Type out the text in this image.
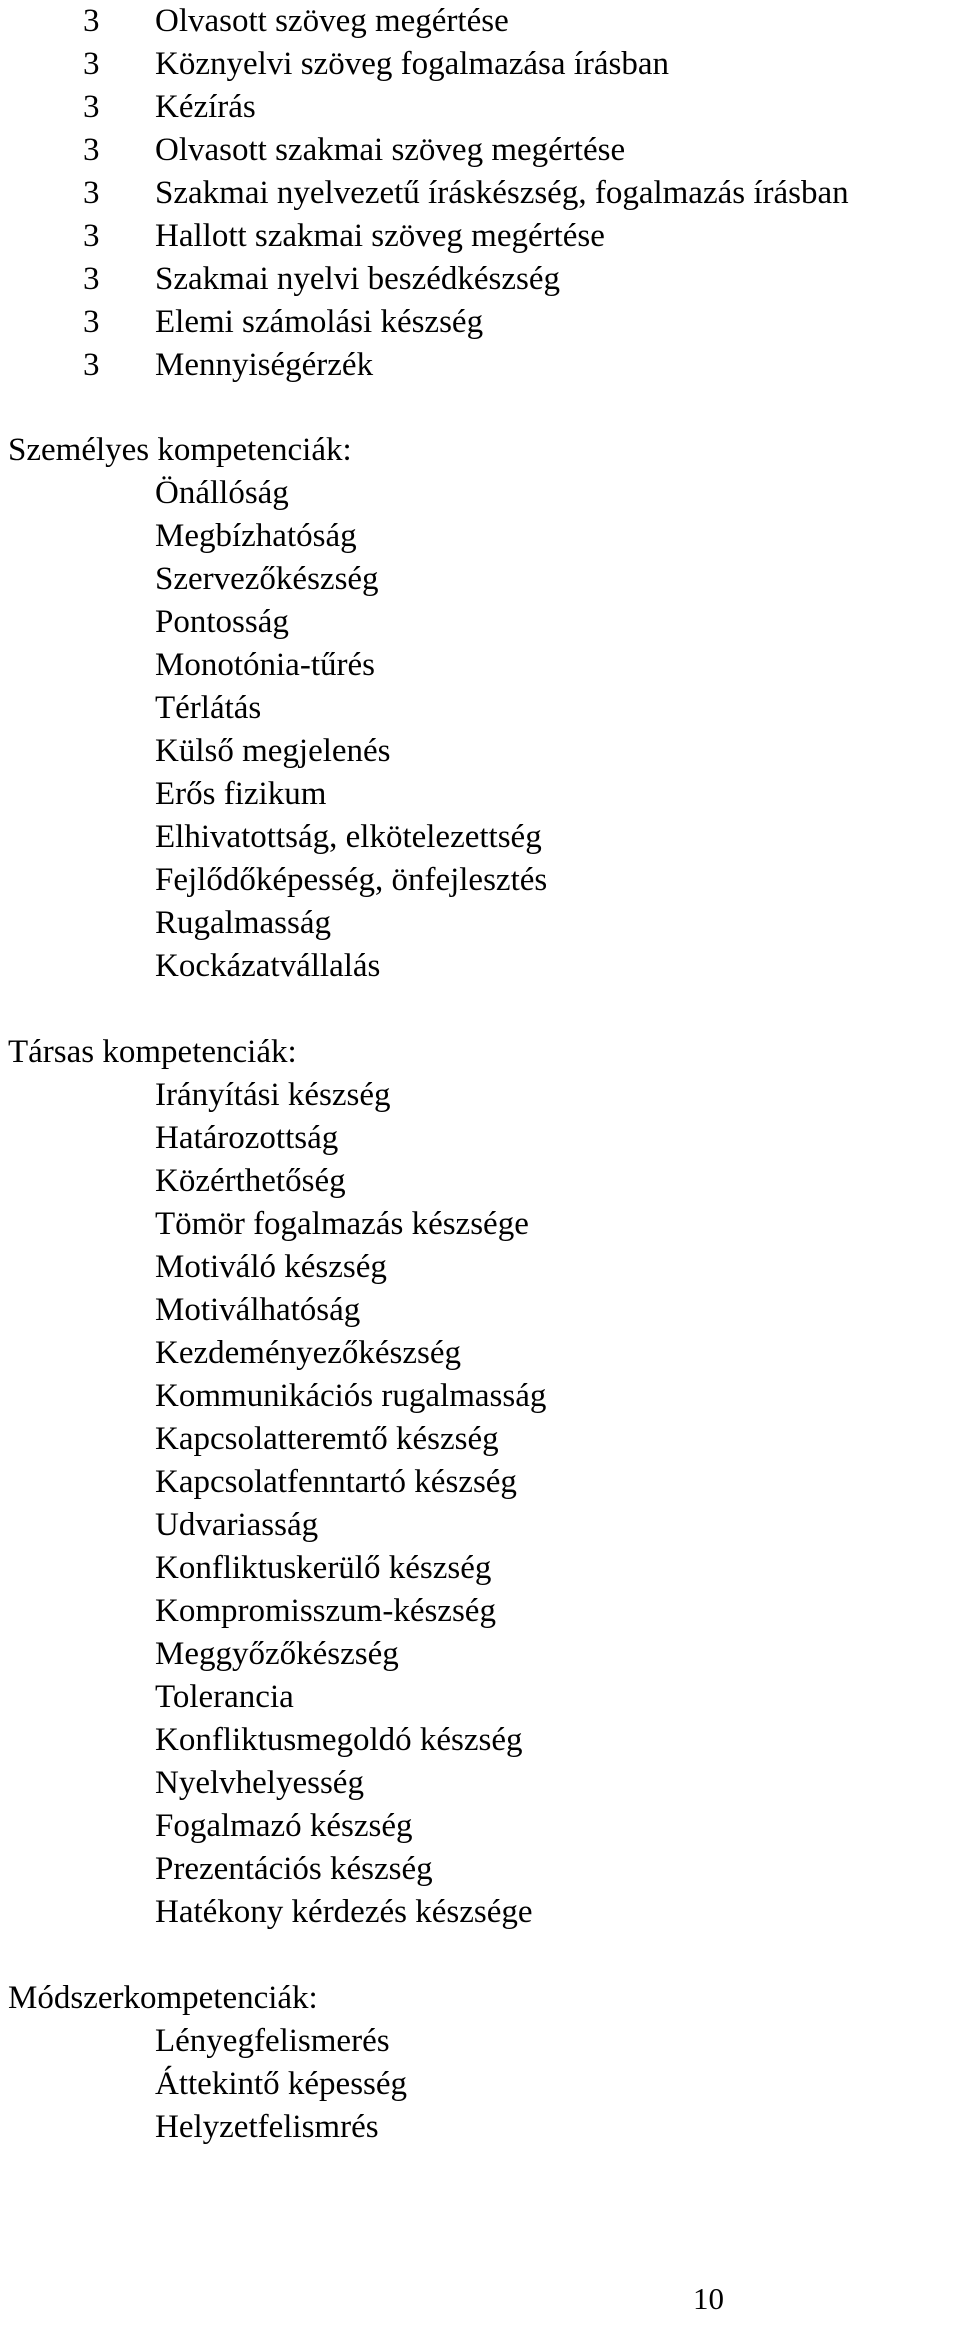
3 Olvasott szöveg megértése
3 Köznyelvi szöveg fogalmazása írásban
3 Kézírás
3 Olvasott szakmai szöveg megértése
3 Szakmai nyelvezetű íráskészség, fogalmazás írásban
3 Hallott szakmai szöveg megértése
3 Szakmai nyelvi beszédkészség
3 Elemi számolási készség
3 Mennyiségérzék
Személyes kompetenciák:
Önállóság
Megbízhatóság
Szervezőkészség
Pontosság
Monotónia-tűrés
Térlátás
Külső megjelenés
Erős fizikum
Elhivatottság, elkötelezettség
Fejlődőképesség, önfejlesztés
Rugalmasság
Kockázatvállalás
Társas kompetenciák:
Irányítási készség
Határozottság
Közérthetőség
Tömör fogalmazás készsége
Motiváló készség
Motiválhatóság
Kezdeményezőkészség
Kommunikációs rugalmasság
Kapcsolatteremtő készség
Kapcsolatfenntartó készség
Udvariasság
Konfliktuskerülő készség
Kompromisszum-készség
Meggyőzőkészség
Tolerancia
Konfliktusmegoldó készség
Nyelvhelyesség
Fogalmazó készség
Prezentációs készség
Hatékony kérdezés készsége
Módszerkompetenciák:
Lényegfelismerés
Áttekintő képesség
Helyzetfelismrés
10
